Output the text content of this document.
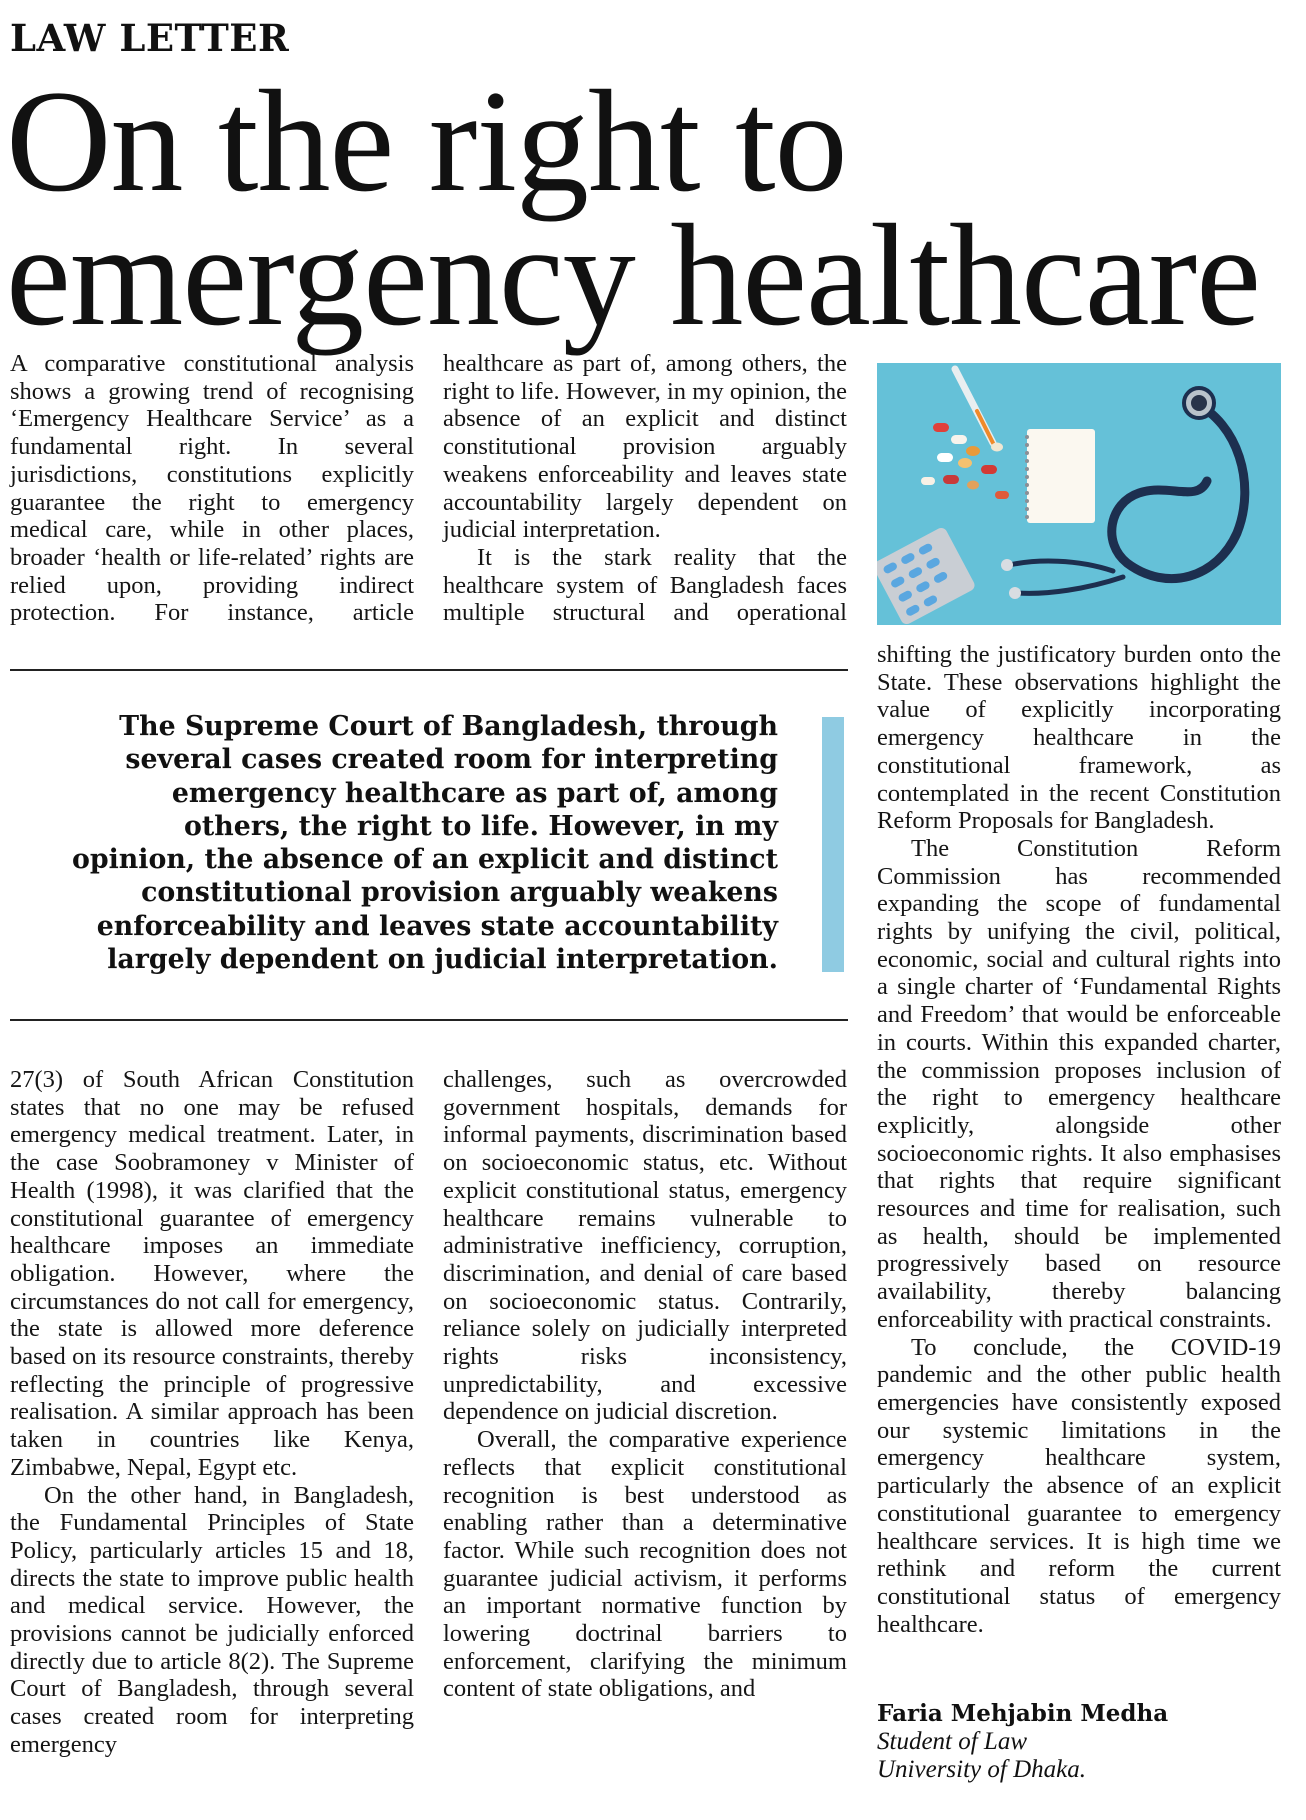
LAW LETTER
On the right to
emergency healthcare

A comparative constitutional analysis shows a growing trend of recognising ‘Emergency Healthcare Service’ as a fundamental right. In several jurisdictions, constitutions explicitly guarantee the right to emergency medical care, while in other places, broader ‘health or life-related’ rights are relied upon, providing indirect protection. For instance, article

healthcare as part of, among others, the right to life. However, in my opinion, the absence of an explicit and distinct constitutional provision arguably weakens enforceability and leaves state accountability largely dependent on judicial interpretation.

It is the stark reality that the healthcare system of Bangladesh faces multiple structural and operational

The Supreme Court of Bangladesh, through several cases created room for interpreting emergency healthcare as part of, among others, the right to life. However, in my opinion, the absence of an explicit and distinct constitutional provision arguably weakens enforceability and leaves state accountability largely dependent on judicial interpretation.

27(3) of South African Constitution states that no one may be refused emergency medical treatment. Later, in the case Soobramoney v Minister of Health (1998), it was clarified that the constitutional guarantee of emergency healthcare imposes an immediate obligation. However, where the circumstances do not call for emergency, the state is allowed more deference based on its resource constraints, thereby reflecting the principle of progressive realisation. A similar approach has been taken in countries like Kenya, Zimbabwe, Nepal, Egypt etc.

On the other hand, in Bangladesh, the Fundamental Principles of State Policy, particularly articles 15 and 18, directs the state to improve public health and medical service. However, the provisions cannot be judicially enforced directly due to article 8(2). The Supreme Court of Bangladesh, through several cases created room for interpreting emergency

challenges, such as overcrowded government hospitals, demands for informal payments, discrimination based on socioeconomic status, etc. Without explicit constitutional status, emergency healthcare remains vulnerable to administrative inefficiency, corruption, discrimination, and denial of care based on socioeconomic status. Contrarily, reliance solely on judicially interpreted rights risks inconsistency, unpredictability, and excessive dependence on judicial discretion.

Overall, the comparative experience reflects that explicit constitutional recognition is best understood as enabling rather than a determinative factor. While such recognition does not guarantee judicial activism, it performs an important normative function by lowering doctrinal barriers to enforcement, clarifying the minimum content of state obligations, and

shifting the justificatory burden onto the State. These observations highlight the value of explicitly incorporating emergency healthcare in the constitutional framework, as contemplated in the recent Constitution Reform Proposals for Bangladesh.

The Constitution Reform Commission has recommended expanding the scope of fundamental rights by unifying the civil, political, economic, social and cultural rights into a single charter of ‘Fundamental Rights and Freedom’ that would be enforceable in courts. Within this expanded charter, the commission proposes inclusion of the right to emergency healthcare explicitly, alongside other socioeconomic rights. It also emphasises that rights that require significant resources and time for realisation, such as health, should be implemented progressively based on resource availability, thereby balancing enforceability with practical constraints.

To conclude, the COVID-19 pandemic and the other public health emergencies have consistently exposed our systemic limitations in the emergency healthcare system, particularly the absence of an explicit constitutional guarantee to emergency healthcare services. It is high time we rethink and reform the current constitutional status of emergency healthcare.

Faria Mehjabin Medha
Student of Law
University of Dhaka.
